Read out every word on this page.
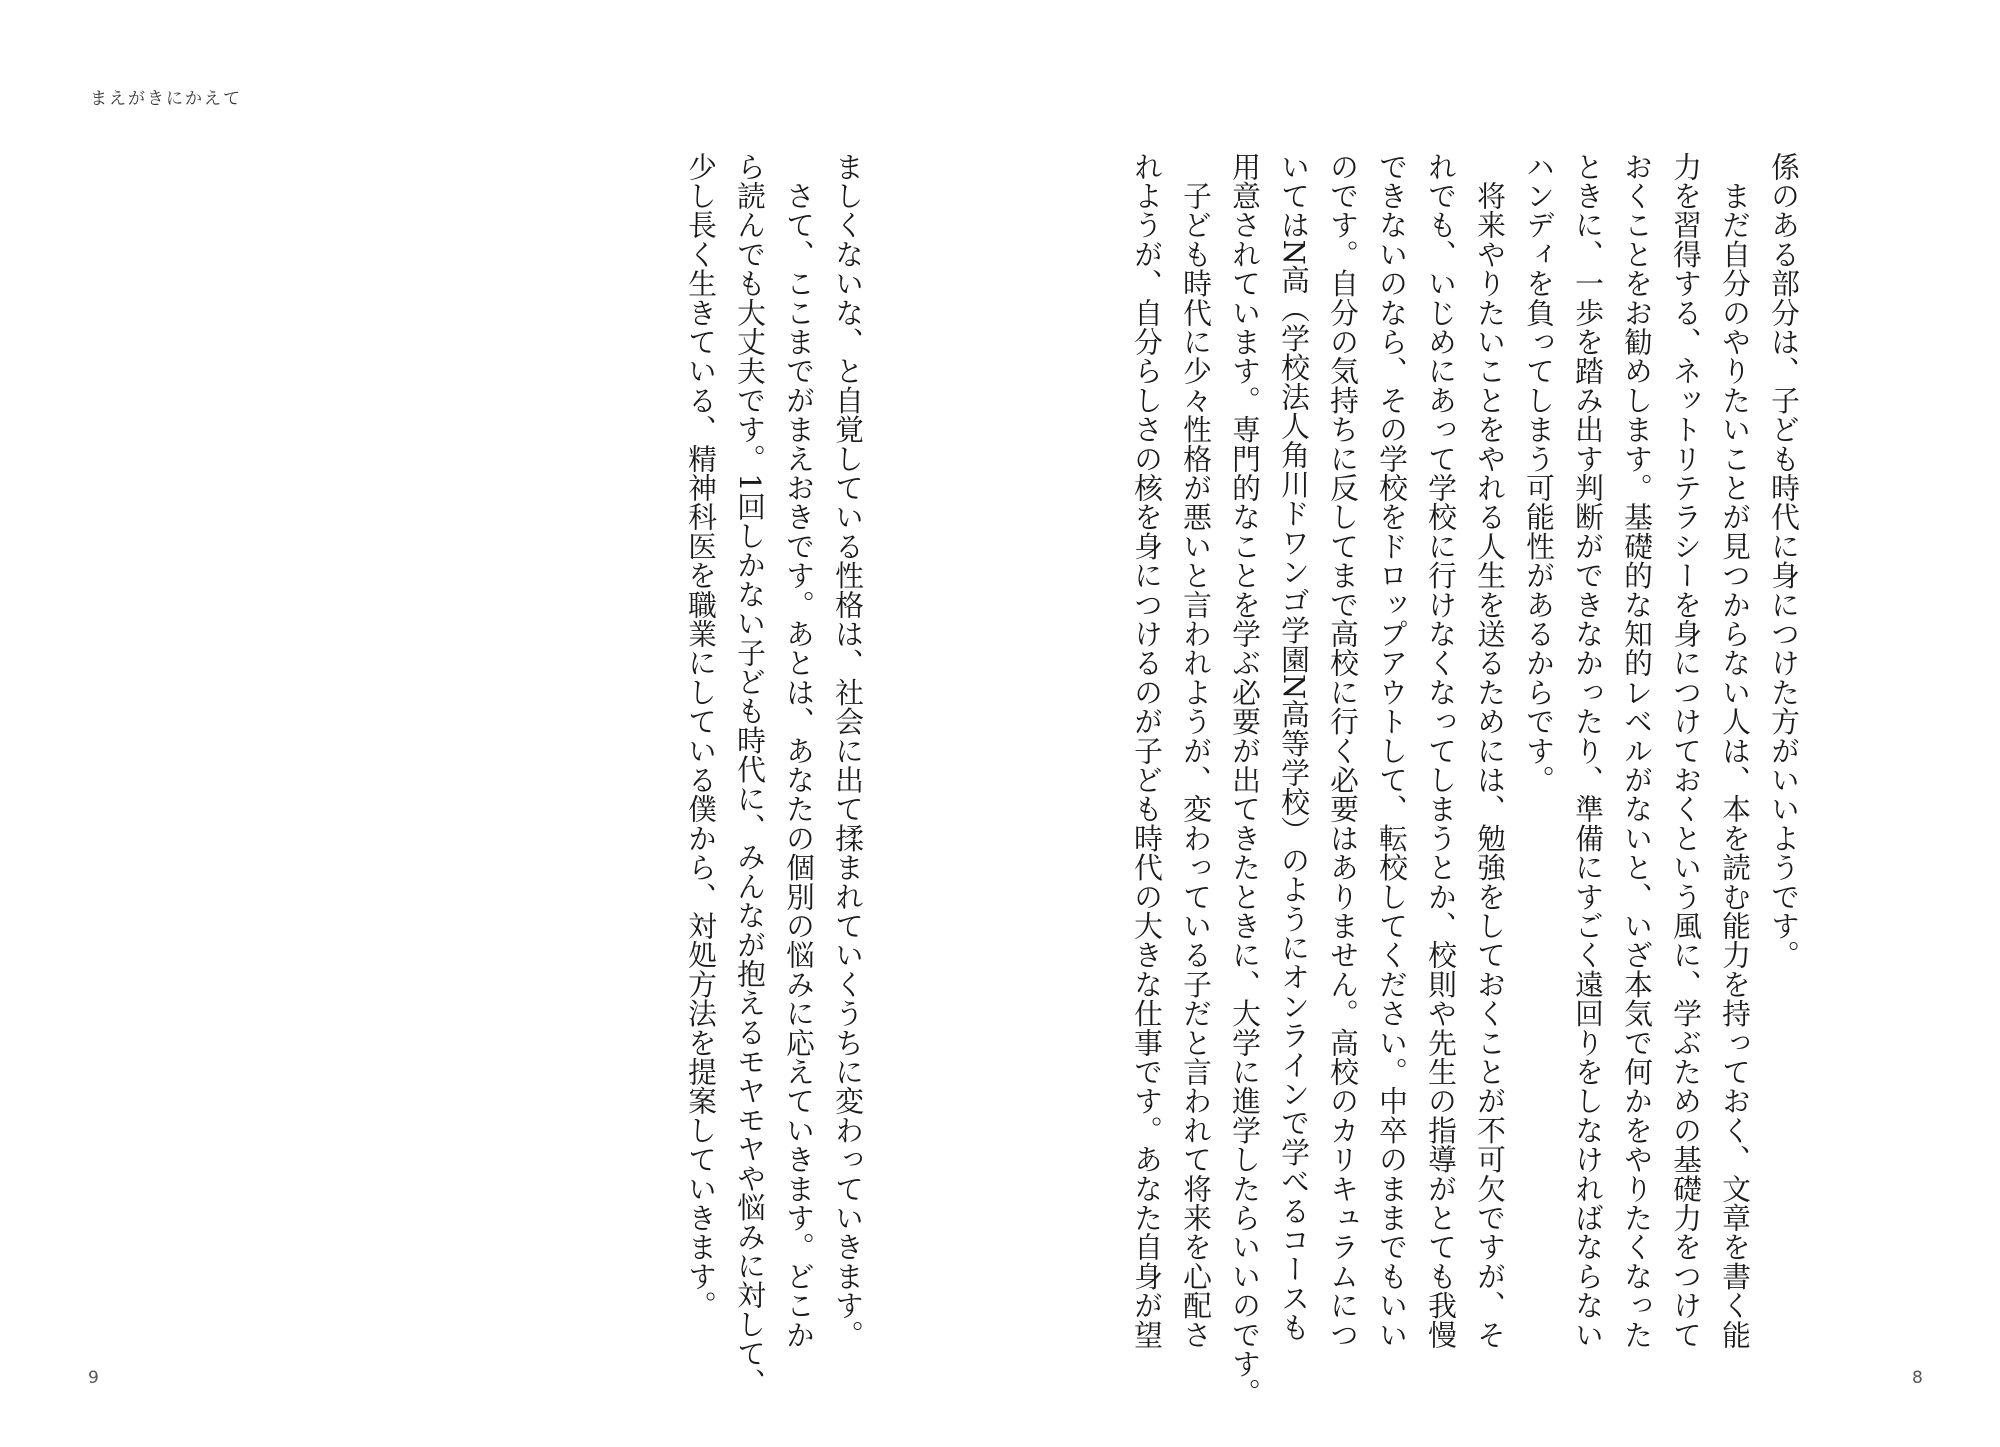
まえがきにかえて
係のある部分は、子ども時代に身につけた方がいいようです。
　まだ自分のやりたいことが見つからない人は、本を読む能力を持っておく、文章を書く能
力を習得する、ネットリテラシーを身につけておくという風に、学ぶための基礎力をつけて
おくことをお勧めします。基礎的な知的レベルがないと、いざ本気で何かをやりたくなった
ときに、一歩を踏み出す判断ができなかったり、準備にすごく遠回りをしなければならない
ハンディを負ってしまう可能性があるからです。
　将来やりたいことをやれる人生を送るためには、勉強をしておくことが不可欠ですが、そ
れでも、いじめにあって学校に行けなくなってしまうとか、校則や先生の指導がとても我慢
できないのなら、その学校をドロップアウトして、転校してください。中卒のままでもいい
のです。自分の気持ちに反してまで高校に行く必要はありません。高校のカリキュラムにつ
いてはN高（学校法人角川ドワンゴ学園N高等学校）のようにオンラインで学べるコースも
用意されています。専門的なことを学ぶ必要が出てきたときに、大学に進学したらいいのです。
　子ども時代に少々性格が悪いと言われようが、変わっている子だと言われて将来を心配さ
れようが、自分らしさの核を身につけるのが子ども時代の大きな仕事です。あなた自身が望
ましくないな、と自覚している性格は、社会に出て揉まれていくうちに変わっていきます。
　さて、ここまでがまえおきです。あとは、あなたの個別の悩みに応えていきます。どこか
ら読んでも大丈夫です。1回しかない子ども時代に、みんなが抱えるモヤモヤや悩みに対して、
少し長く生きている、精神科医を職業にしている僕から、対処方法を提案していきます。
9	8
